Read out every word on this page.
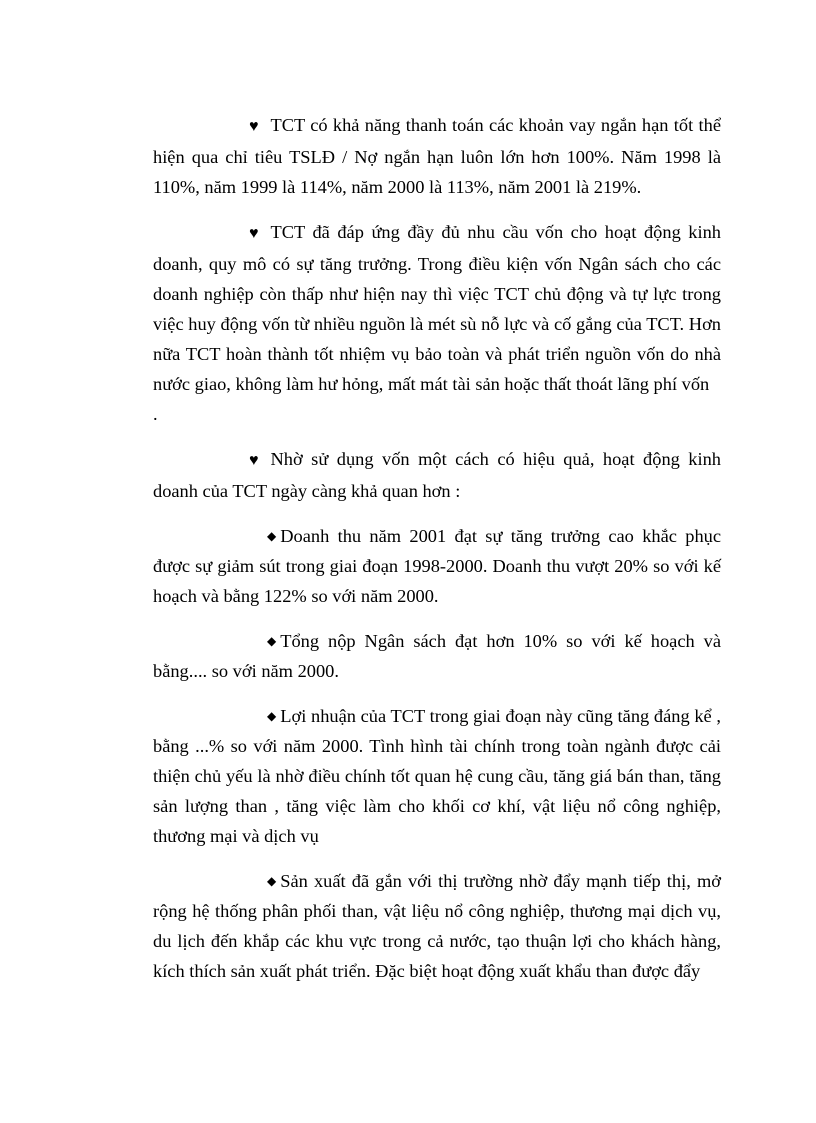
♥ TCT có khả năng thanh toán các khoản vay ngắn hạn tốt thể hiện qua chỉ tiêu TSLĐ / Nợ ngắn hạn luôn lớn hơn 100%. Năm 1998 là 110%, năm 1999 là 114%, năm 2000 là 113%, năm 2001 là 219%.

♥ TCT đã đáp ứng đầy đủ nhu cầu vốn cho hoạt động kinh doanh, quy mô có sự tăng trưởng. Trong điều kiện vốn Ngân sách cho các doanh nghiệp còn thấp như hiện nay thì việc TCT chủ động và tự lực trong việc huy động vốn từ nhiều nguồn là mét sù nỗ lực và cố gắng của TCT. Hơn nữa TCT hoàn thành tốt nhiệm vụ bảo toàn và phát triển nguồn vốn do nhà nước giao, không làm hư hỏng, mất mát tài sản hoặc thất thoát lãng phí vốn
.

♥ Nhờ sử dụng vốn một cách có hiệu quả, hoạt động kinh doanh của TCT ngày càng khả quan hơn :

◆ Doanh thu năm 2001 đạt sự tăng trưởng cao khắc phục được sự giảm sút trong giai đoạn 1998-2000. Doanh thu vượt 20% so với kế hoạch và bằng 122% so với năm 2000.

◆ Tổng nộp Ngân sách đạt hơn 10% so với kế hoạch và bằng.... so với năm 2000.

◆ Lợi nhuận của TCT trong giai đoạn này cũng tăng đáng kể , bằng ...% so với năm 2000. Tình hình tài chính trong toàn ngành được cải thiện chủ yếu là nhờ điều chính tốt quan hệ cung cầu, tăng giá bán than, tăng sản lượng than , tăng việc làm cho khối cơ khí, vật liệu nổ công nghiệp, thương mại và dịch vụ

◆ Sản xuất đã gắn với thị trường nhờ đẩy mạnh tiếp thị, mở rộng hệ thống phân phối than, vật liệu nổ công nghiệp, thương mại dịch vụ, du lịch đến khắp các khu vực trong cả nước, tạo thuận lợi cho khách hàng, kích thích sản xuất phát triển. Đặc biệt hoạt động xuất khẩu than được đẩy
